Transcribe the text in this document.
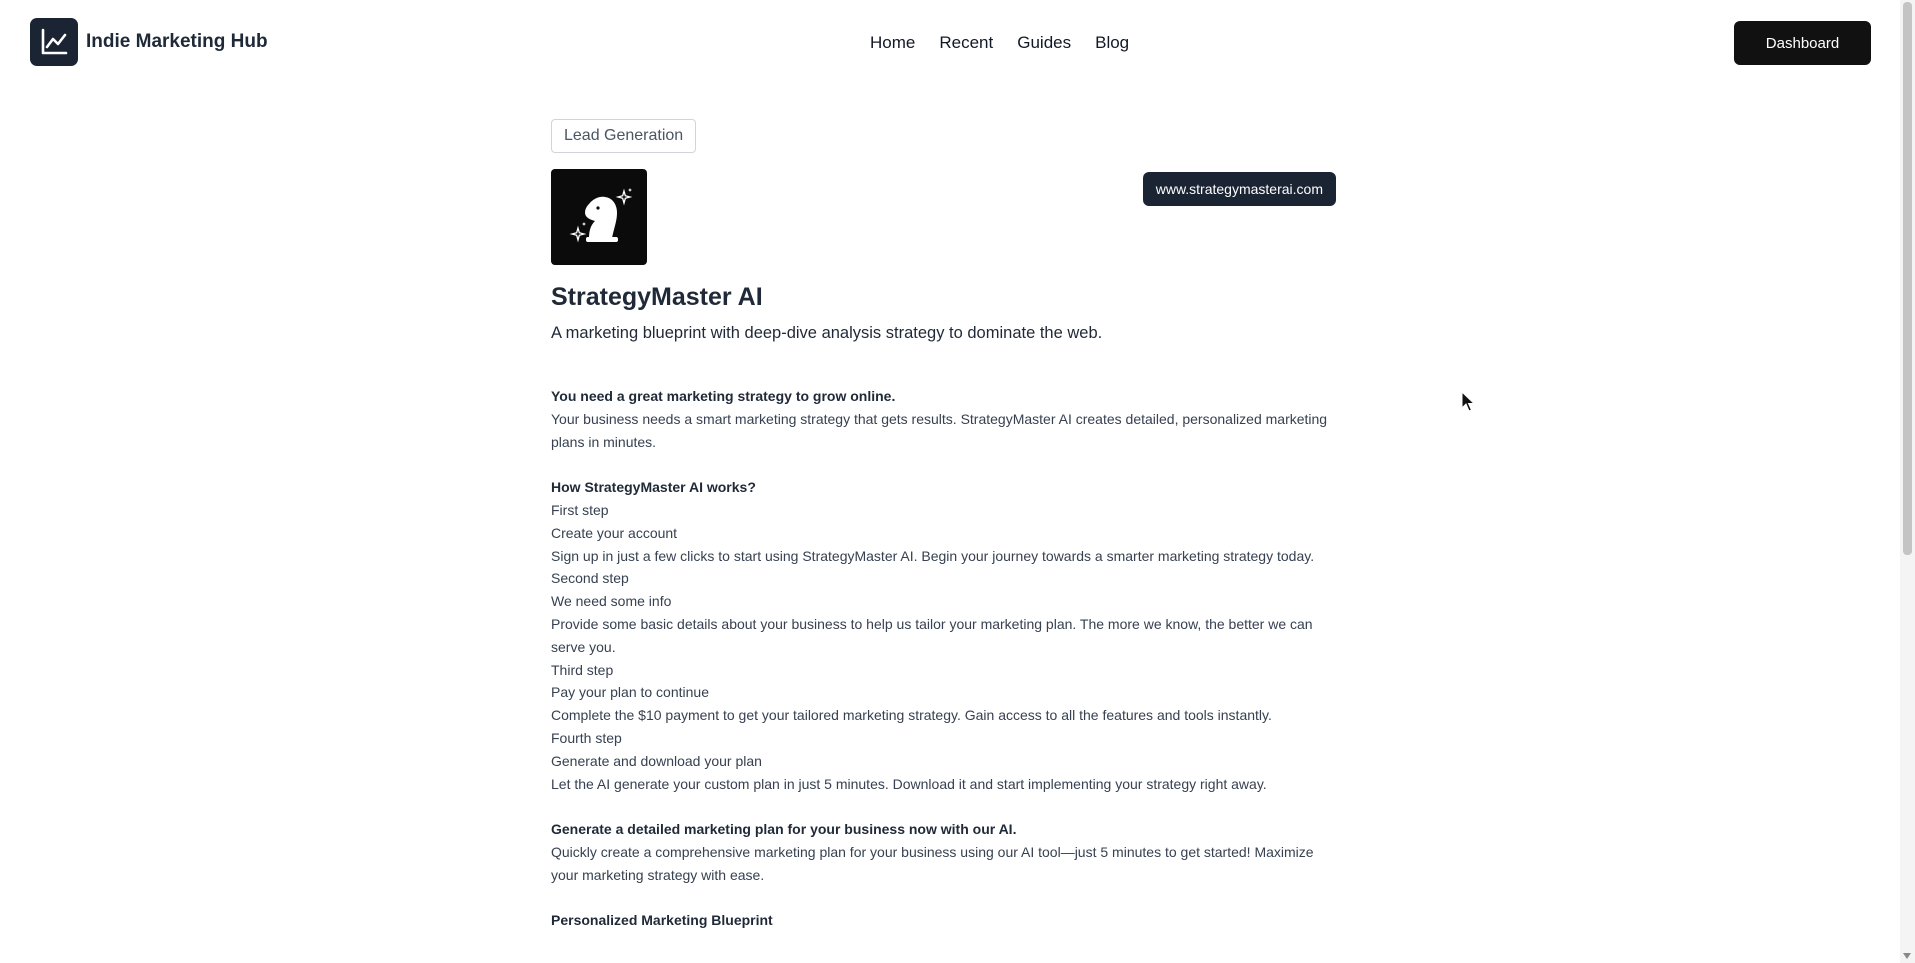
Indie Marketing Hub	Home Recent Guides Blog	Dashboard
Lead Generation
www.strategymasterai.com
StrategyMaster AI
A marketing blueprint with deep-dive analysis strategy to dominate the web.
You need a great marketing strategy to grow online.
Your business needs a smart marketing strategy that gets results. StrategyMaster AI creates detailed, personalized marketing plans in minutes.
How StrategyMaster AI works?
First step
Create your account
Sign up in just a few clicks to start using StrategyMaster AI. Begin your journey towards a smarter marketing strategy today.
Second step
We need some info
Provide some basic details about your business to help us tailor your marketing plan. The more we know, the better we can serve you.
Third step
Pay your plan to continue
Complete the $10 payment to get your tailored marketing strategy. Gain access to all the features and tools instantly.
Fourth step
Generate and download your plan
Let the AI generate your custom plan in just 5 minutes. Download it and start implementing your strategy right away.
Generate a detailed marketing plan for your business now with our AI.
Quickly create a comprehensive marketing plan for your business using our AI tool—just 5 minutes to get started! Maximize your marketing strategy with ease.
Personalized Marketing Blueprint
